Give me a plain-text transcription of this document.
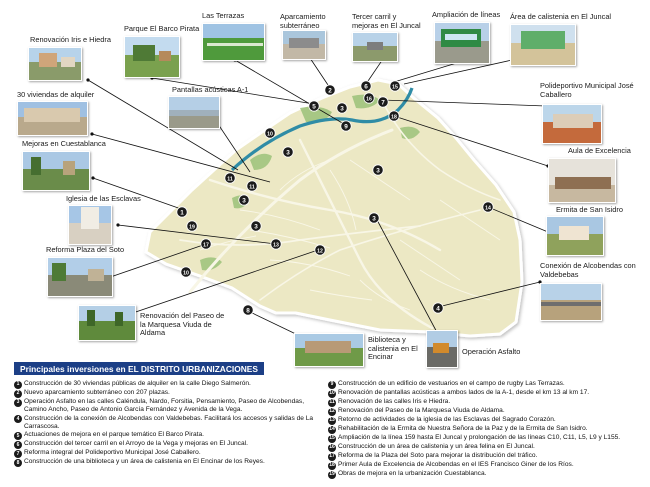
1
2
3
3
3
3
3
3
4
5
6
7
8
9
10
10
11
11
12
13
14
15
16
17
18
19
Renovación Iris e Hiedra
Parque El Barco Pirata
Las Terrazas	Aparcamiento subterráneo
Tercer carril y mejoras en El Juncal
Ampliación de líneas	Área de calistenia en El Juncal
30 viviendas de alquiler
Pantallas acústicas A-1	Polideportivo Municipal José Caballero
Mejoras en Cuestablanca
Aula de Excelencia
Iglesia de las Esclavas
Ermita de San Isidro
Reforma Plaza del Soto
Conexión de Alcobendas con Valdebebas
Renovación del Paseo de la Marquesa Viuda de Aldama
Biblioteca y calistenia en El Encinar
Operación Asfalto
Principales inversiones en EL DISTRITO URBANIZACIONES
1 Construcción de 30 viviendas públicas de alquiler en la calle Diego Salmerón.
2 Nuevo aparcamiento subterráneo con 207 plazas.
3 Operación Asfalto en las calles Caléndula, Nardo, Forsitia, Pensamiento, Paseo de Alcobendas, Camino Ancho, Paseo de Antonio García Fernández y Avenida de la Vega.
4 Construcción de la conexión de Alcobendas con Valdebebas. Facilitará los accesos y salidas de La Carrascosa.
5 Actuaciones de mejora en el parque temático El Barco Pirata.
6 Construcción del tercer carril en el Arroyo de la Vega y mejoras en El Juncal.
7 Reforma integral del Polideportivo Municipal José Caballero.
8 Construcción de una biblioteca y un área de calistenia en El Encinar de los Reyes.
9 Construcción de un edificio de vestuarios en el campo de rugby Las Terrazas.
10 Renovación de pantallas acústicas a ambos lados de la A-1, desde el km 13 al km 17.
11 Renovación de las calles Iris e Hiedra.
12 Renovación del Paseo de la Marquesa Viuda de Aldama.
13 Retorno de actividades de la iglesia de las Esclavas del Sagrado Corazón.
14 Rehabilitación de la Ermita de Nuestra Señora de la Paz y de la Ermita de San Isidro.
15 Ampliación de la línea 159 hasta El Juncal y prolongación de las líneas C10, C11, L5, L9 y L155.
16 Construcción de un área de calistenia y un área felina en El Juncal.
17 Reforma de la Plaza del Soto para mejorar la distribución del tráfico.
18 Primer Aula de Excelencia de Alcobendas en el IES Francisco Giner de los Ríos.
19 Obras de mejora en la urbanización Cuestablanca.
